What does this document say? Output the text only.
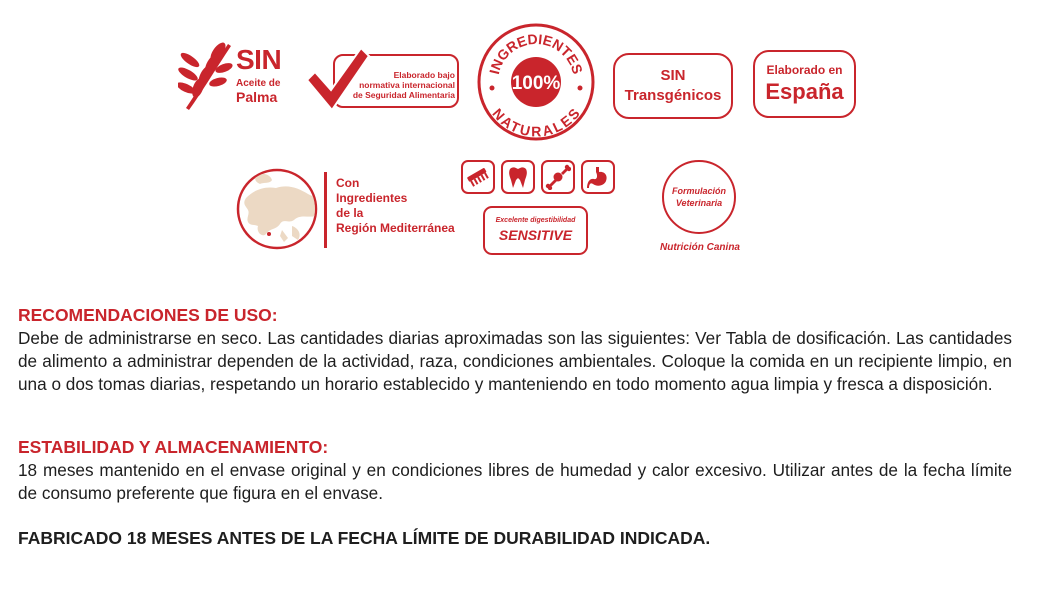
SIN
Aceite de
Palma
Elaborado bajo
normativa internacional
de Seguridad Alimentaria
INGREDIENTES
NATURALES
100%	SIN
Transgénicos
Elaborado en
España
Con
Ingredientes
de la
Región Mediterránea
Excelente digestibilidad
SENSITIVE
Formulación
Veterinaria
Nutrición Canina
RECOMENDACIONES DE USO:
Debe de administrarse en seco. Las cantidades diarias aproximadas son las siguientes: Ver Tabla de dosificación. Las cantidades de alimento a administrar dependen de la actividad, raza, condiciones ambientales. Coloque la comida en un recipiente limpio, en una o dos tomas diarias, respetando un horario establecido y manteniendo en todo momento agua limpia y fresca a disposición.
ESTABILIDAD Y ALMACENAMIENTO:
18 meses mantenido en el envase original y en condiciones libres de humedad y calor excesivo. Utilizar antes de la fecha límite de consumo preferente que figura en el envase.
FABRICADO 18 MESES ANTES DE LA FECHA LÍMITE DE DURABILIDAD INDICADA.
